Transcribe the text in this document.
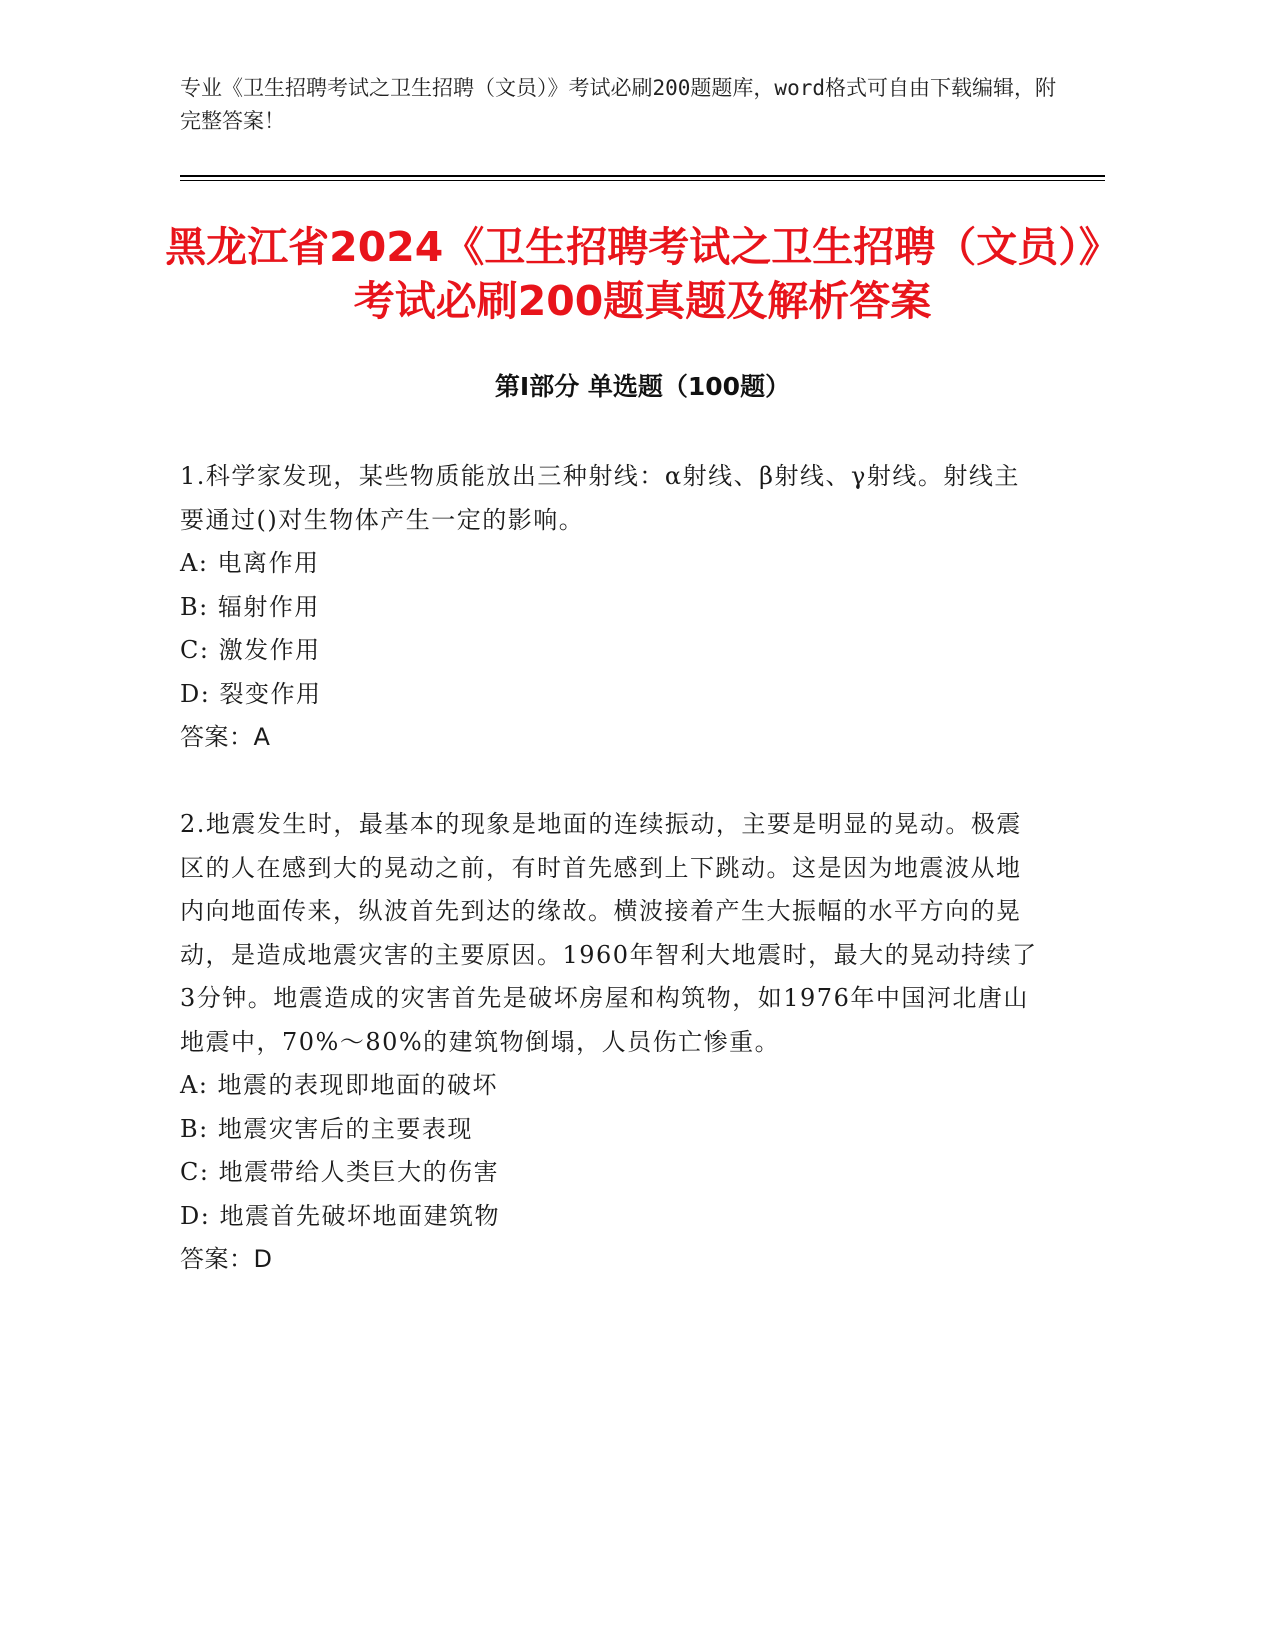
专业《卫生招聘考试之卫生招聘（文员）》考试必刷200题题库，word格式可自由下载编辑，附完整答案！
黑龙江省2024《卫生招聘考试之卫生招聘（文员）》考试必刷200题真题及解析答案
第I部分 单选题（100题）

1.科学家发现，某些物质能放出三种射线：α射线、β射线、γ射线。射线主要通过()对生物体产生一定的影响。

A: 电离作用

B: 辐射作用

C: 激发作用

D: 裂变作用

答案：A

2.地震发生时，最基本的现象是地面的连续振动，主要是明显的晃动。极震区的人在感到大的晃动之前，有时首先感到上下跳动。这是因为地震波从地内向地面传来，纵波首先到达的缘故。横波接着产生大振幅的水平方向的晃动，是造成地震灾害的主要原因。1960年智利大地震时，最大的晃动持续了3分钟。地震造成的灾害首先是破坏房屋和构筑物，如1976年中国河北唐山地震中，70%～80%的建筑物倒塌，人员伤亡惨重。

A: 地震的表现即地面的破坏

B: 地震灾害后的主要表现

C: 地震带给人类巨大的伤害

D: 地震首先破坏地面建筑物

答案：D
